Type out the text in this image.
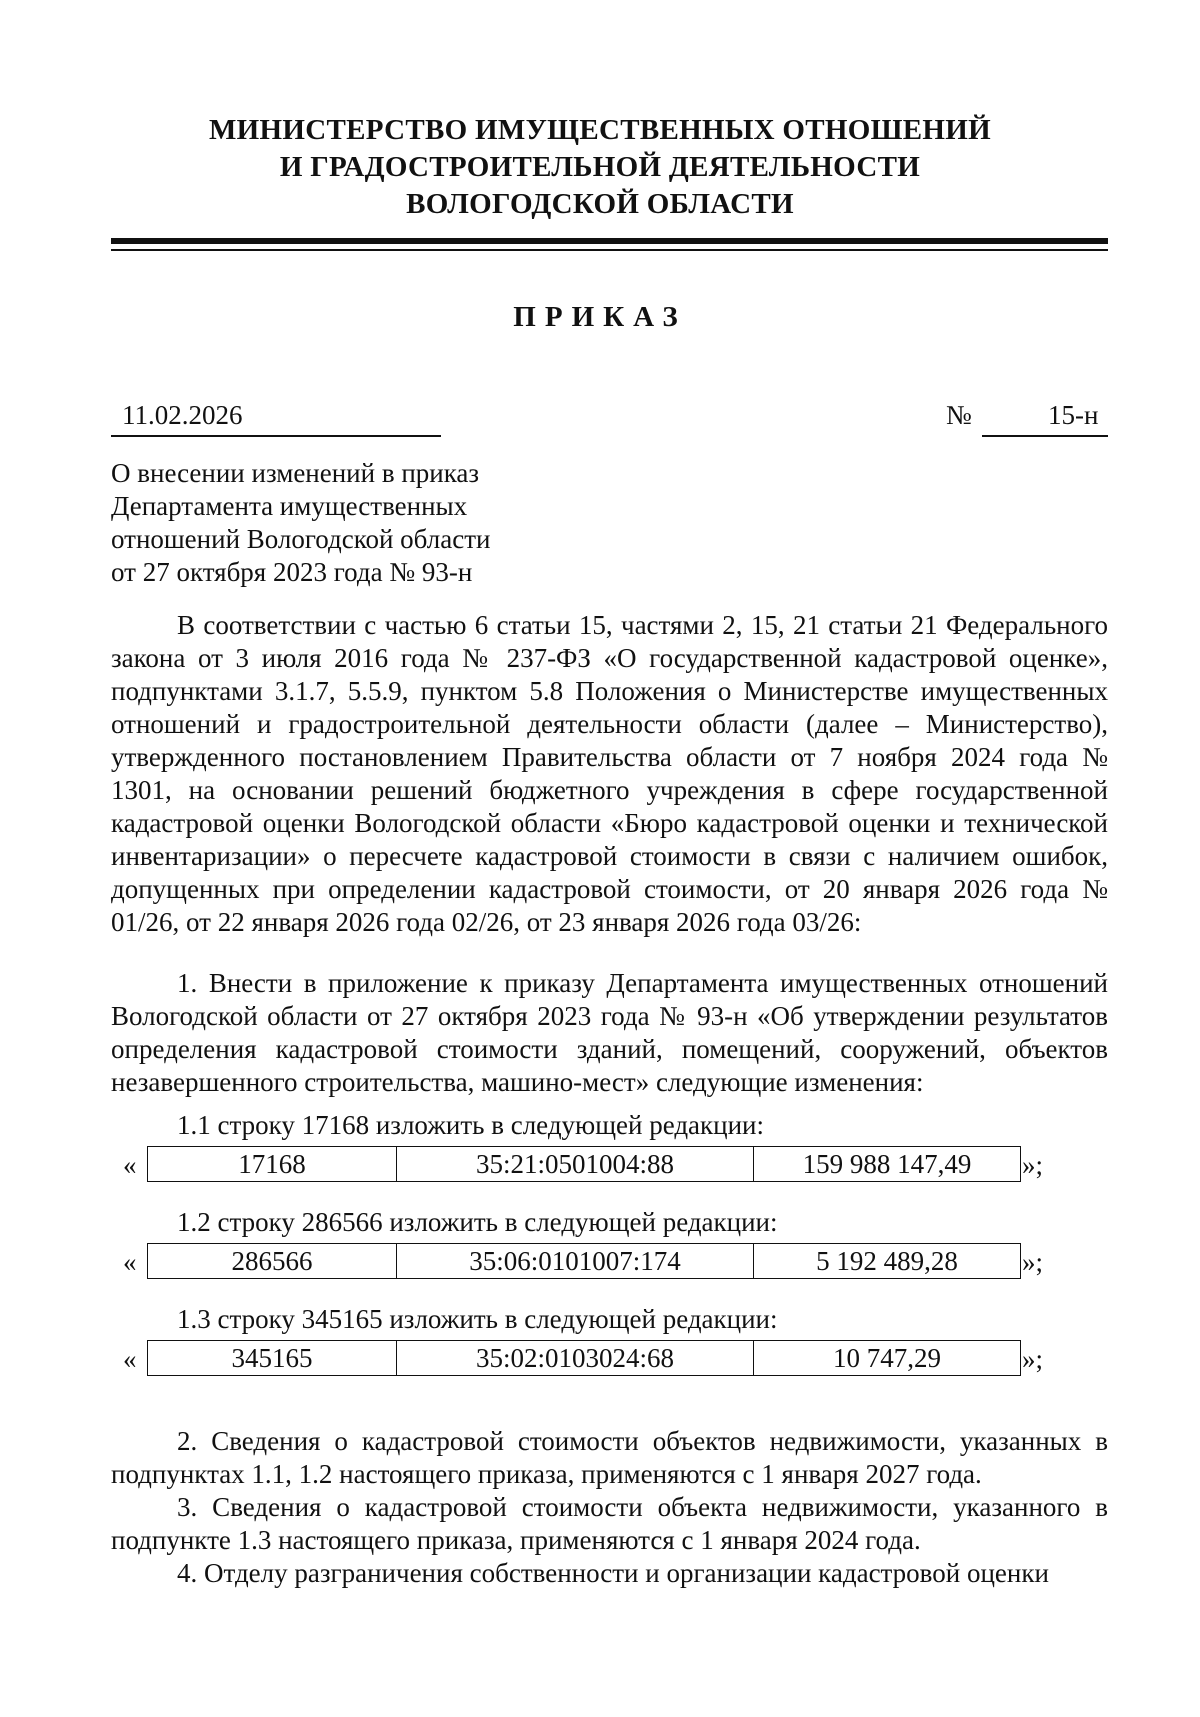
МИНИСТЕРСТВО ИМУЩЕСТВЕННЫХ ОТНОШЕНИЙ
И ГРАДОСТРОИТЕЛЬНОЙ ДЕЯТЕЛЬНОСТИ
ВОЛОГОДСКОЙ ОБЛАСТИ
ПРИКАЗ
11.02.2026	№	15-н
О внесении изменений в приказ
Департамента имущественных
отношений Вологодской области
от 27 октября 2023 года № 93-н
В соответствии с частью 6 статьи 15, частями 2, 15, 21 статьи 21 Федерального закона от 3 июля 2016 года № 237-ФЗ «О государственной кадастровой оценке», подпунктами 3.1.7, 5.5.9, пунктом 5.8 Положения о Министерстве имущественных отношений и градостроительной деятельности области (далее – Министерство), утвержденного постановлением Правительства области от 7 ноября 2024 года № 1301, на основании решений бюджетного учреждения в сфере государственной кадастровой оценки Вологодской области «Бюро кадастровой оценки и технической инвентаризации» о пересчете кадастровой стоимости в связи с наличием ошибок, допущенных при определении кадастровой стоимости, от 20 января 2026 года № 01/26, от 22 января 2026 года 02/26, от 23 января 2026 года 03/26:
1. Внести в приложение к приказу Департамента имущественных отношений Вологодской области от 27 октября 2023 года № 93-н «Об утверждении результатов определения кадастровой стоимости зданий, помещений, сооружений, объектов незавершенного строительства, машино-мест» следующие изменения:
1.1 строку 17168 изложить в следующей редакции:
«	17168	35:21:0501004:88	159 988 147,49 »;
1.2 строку 286566 изложить в следующей редакции:
«	286566	35:06:0101007:174	5 192 489,28 »;
1.3 строку 345165 изложить в следующей редакции:
«	345165	35:02:0103024:68	10 747,29	»;
2. Сведения о кадастровой стоимости объектов недвижимости, указанных в подпунктах 1.1, 1.2 настоящего приказа, применяются с 1 января 2027 года.
3. Сведения о кадастровой стоимости объекта недвижимости, указанного в подпункте 1.3 настоящего приказа, применяются с 1 января 2024 года.
4. Отделу разграничения собственности и организации кадастровой оценки
